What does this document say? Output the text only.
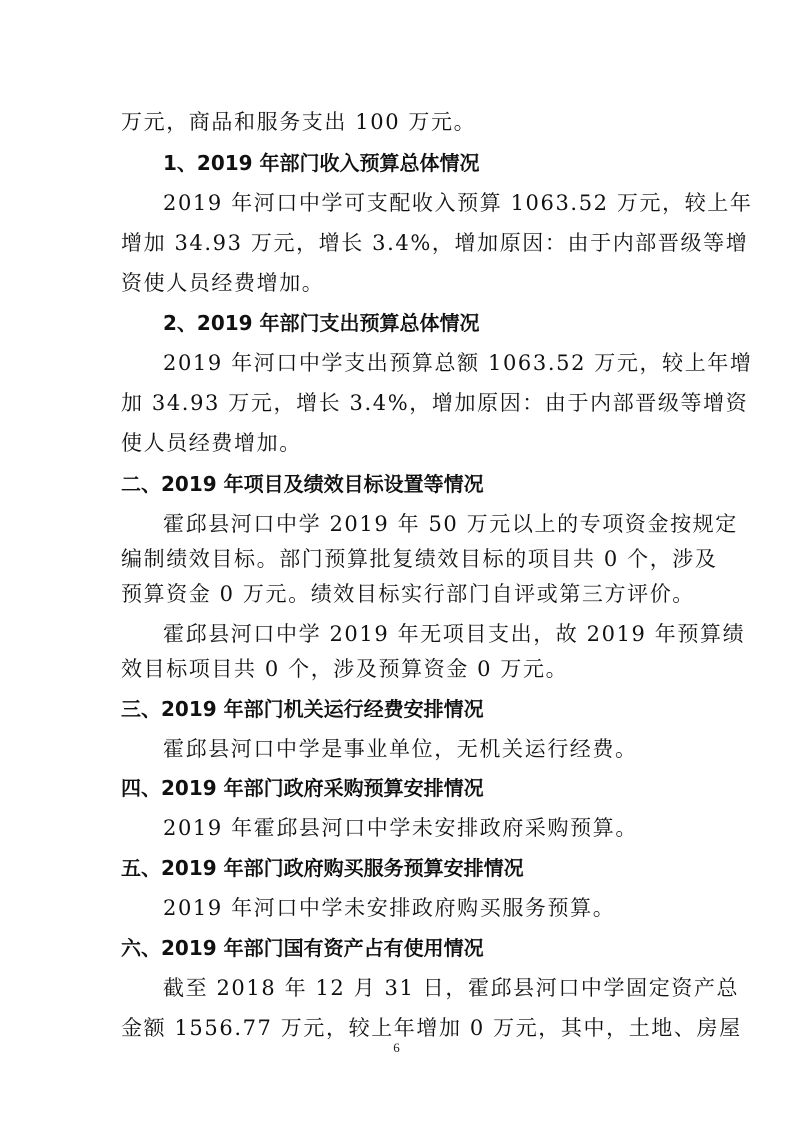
万元，商品和服务支出 100 万元。
1、2019 年部门收入预算总体情况
2019 年河口中学可支配收入预算 1063.52 万元，较上年
增加 34.93 万元，增长 3.4%，增加原因：由于内部晋级等增
资使人员经费增加。
2、2019 年部门支出预算总体情况
2019 年河口中学支出预算总额 1063.52 万元，较上年增
加 34.93 万元，增长 3.4%，增加原因：由于内部晋级等增资
使人员经费增加。
二、2019 年项目及绩效目标设置等情况
霍邱县河口中学 2019 年 50 万元以上的专项资金按规定
编制绩效目标。部门预算批复绩效目标的项目共 0 个，涉及
预算资金 0 万元。绩效目标实行部门自评或第三方评价。
霍邱县河口中学 2019 年无项目支出，故 2019 年预算绩
效目标项目共 0 个，涉及预算资金 0 万元。
三、2019 年部门机关运行经费安排情况
霍邱县河口中学是事业单位，无机关运行经费。
四、2019 年部门政府采购预算安排情况
2019 年霍邱县河口中学未安排政府采购预算。
五、2019 年部门政府购买服务预算安排情况
2019 年河口中学未安排政府购买服务预算。
六、2019 年部门国有资产占有使用情况
截至 2018 年 12 月 31 日，霍邱县河口中学固定资产总
金额 1556.77 万元，较上年增加 0 万元，其中，土地、房屋
6
